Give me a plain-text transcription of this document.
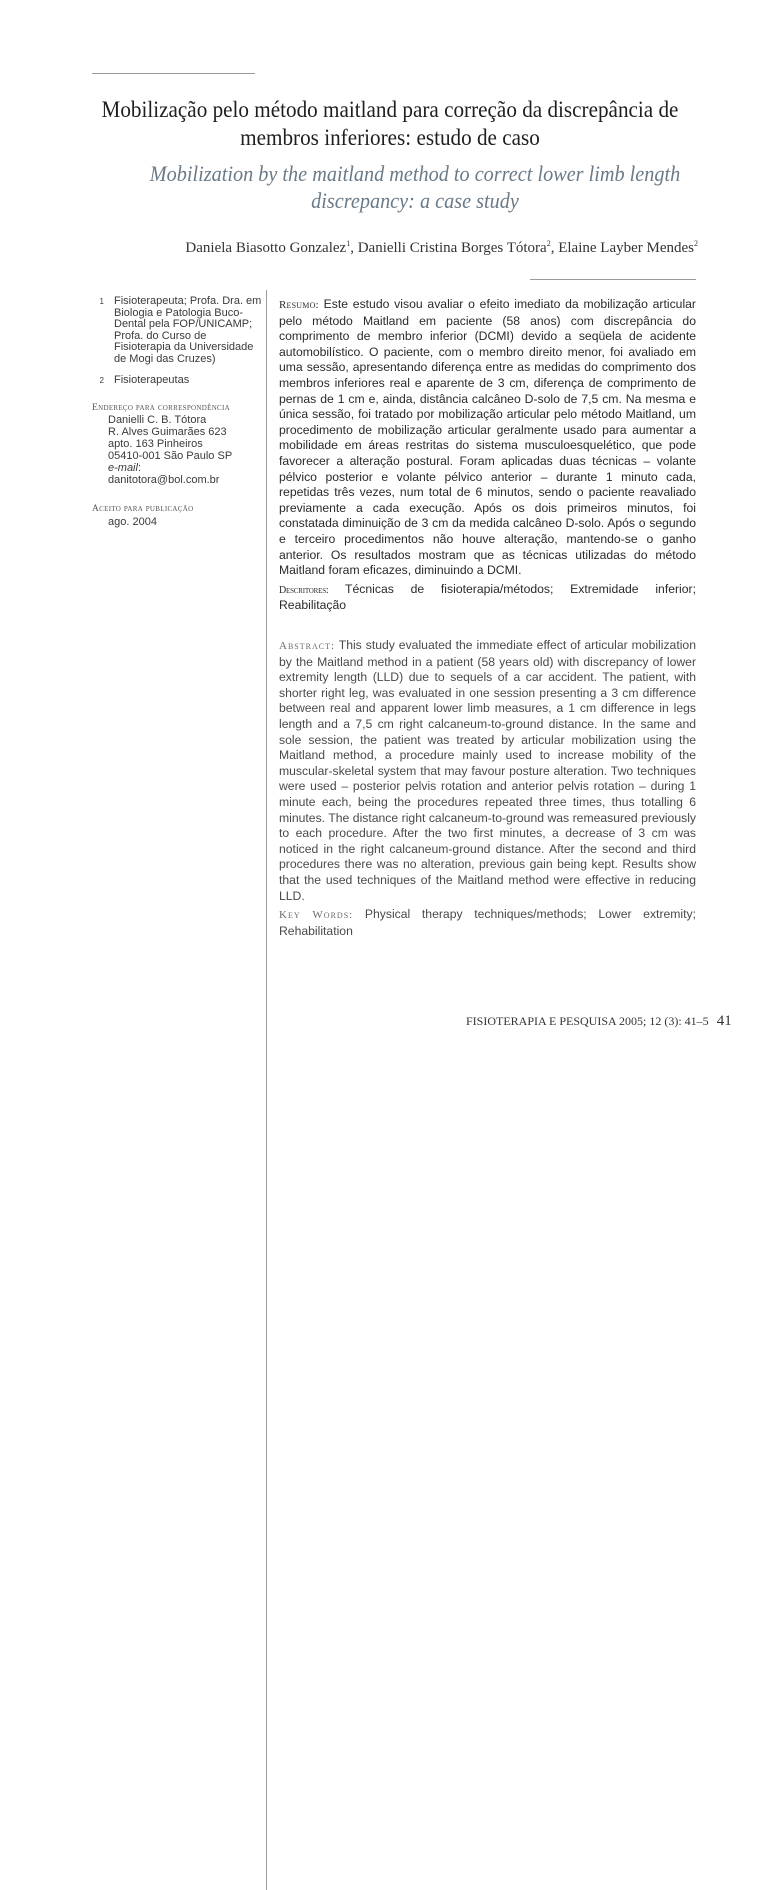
Mobilização pelo método maitland para correção da discrepância de membros inferiores: estudo de caso
Mobilization by the maitland method to correct lower limb length discrepancy: a case study
Daniela Biasotto Gonzalez$^1$, Danielli Cristina Borges Tótora$^2$, Elaine Layber Mendes$^2$
1 Fisioterapeuta; Profa. Dra. em Biologia e Patologia Buco-Dental pela FOP/UNICAMP; Profa. do Curso de Fisioterapia da Universidade de Mogi das Cruzes)
2 Fisioterapeutas
Endereço para correspondência
Danielli C. B. Tótora
R. Alves Guimarães 623
apto. 163 Pinheiros
05410-001 São Paulo SP
e-mail:
danitotora@bol.com.br
Aceito para publicação
ago. 2004
Resumo: Este estudo visou avaliar o efeito imediato da mobilização articular pelo método Maitland em paciente (58 anos) com discrepância do comprimento de membro inferior (DCMI) devido a seqüela de acidente automobilístico. O paciente, com o membro direito menor, foi avaliado em uma sessão, apresentando diferença entre as medidas do comprimento dos membros inferiores real e aparente de 3 cm, diferença de comprimento de pernas de 1 cm e, ainda, distância calcâneo D-solo de 7,5 cm. Na mesma e única sessão, foi tratado por mobilização articular pelo método Maitland, um procedimento de mobilização articular geralmente usado para aumentar a mobilidade em áreas restritas do sistema musculoesquelético, que pode favorecer a alteração postural. Foram aplicadas duas técnicas – volante pélvico posterior e volante pélvico anterior – durante 1 minuto cada, repetidas três vezes, num total de 6 minutos, sendo o paciente reavaliado previamente a cada execução. Após os dois primeiros minutos, foi constatada diminuição de 3 cm da medida calcâneo D-solo. Após o segundo e terceiro procedimentos não houve alteração, mantendo-se o ganho anterior. Os resultados mostram que as técnicas utilizadas do método Maitland foram eficazes, diminuindo a DCMI.
Descritores: Técnicas de fisioterapia/métodos; Extremidade inferior; Reabilitação
Abstract: This study evaluated the immediate effect of articular mobilization by the Maitland method in a patient (58 years old) with discrepancy of lower extremity length (LLD) due to sequels of a car accident. The patient, with shorter right leg, was evaluated in one session presenting a 3 cm difference between real and apparent lower limb measures, a 1 cm difference in legs length and a 7,5 cm right calcaneum-to-ground distance. In the same and sole session, the patient was treated by articular mobilization using the Maitland method, a procedure mainly used to increase mobility of the muscular-skeletal system that may favour posture alteration. Two techniques were used – posterior pelvis rotation and anterior pelvis rotation – during 1 minute each, being the procedures repeated three times, thus totalling 6 minutes. The distance right calcaneum-to-ground was remeasured previously to each procedure. After the two first minutes, a decrease of 3 cm was noticed in the right calcaneum-ground distance. After the second and third procedures there was no alteration, previous gain being kept. Results show that the used techniques of the Maitland method were effective in reducing LLD.
Key Words: Physical therapy techniques/methods; Lower extremity; Rehabilitation
FISIOTERAPIA E PESQUISA 2005; 12 (3): 41–5 41
